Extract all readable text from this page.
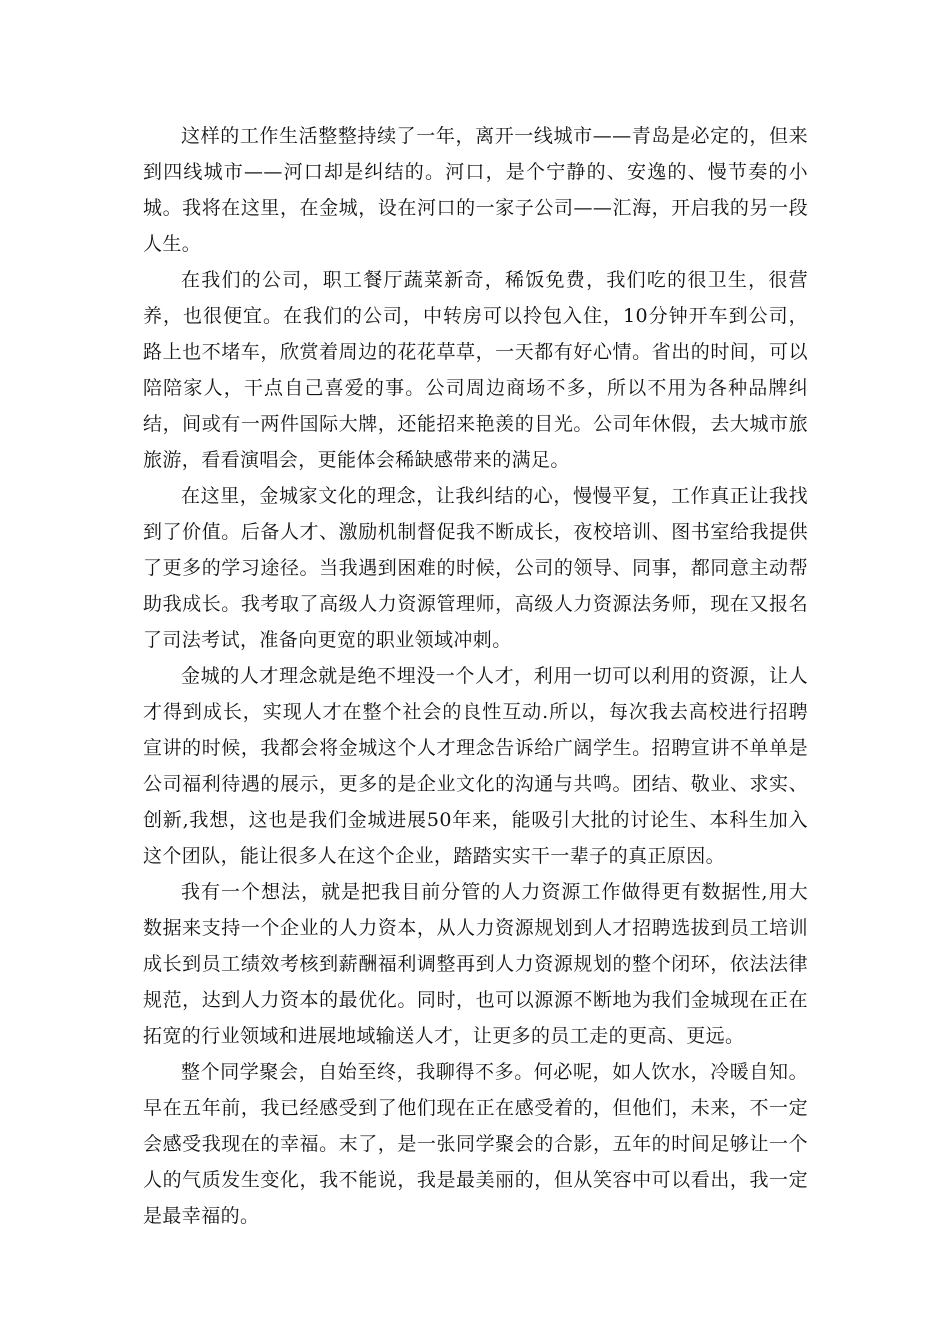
这样的工作生活整整持续了一年，离开一线城市——青岛是必定的，但来到四线城市——河口却是纠结的。河口，是个宁静的、安逸的、慢节奏的小城。我将在这里，在金城，设在河口的一家子公司——汇海，开启我的另一段人生。

在我们的公司，职工餐厅蔬菜新奇，稀饭免费，我们吃的很卫生，很营养，也很便宜。在我们的公司，中转房可以拎包入住，10分钟开车到公司，路上也不堵车，欣赏着周边的花花草草，一天都有好心情。省出的时间，可以陪陪家人，干点自己喜爱的事。公司周边商场不多，所以不用为各种品牌纠结，间或有一两件国际大牌，还能招来艳羡的目光。公司年休假，去大城市旅旅游，看看演唱会，更能体会稀缺感带来的满足。

在这里，金城家文化的理念，让我纠结的心，慢慢平复，工作真正让我找到了价值。后备人才、激励机制督促我不断成长，夜校培训、图书室给我提供了更多的学习途径。当我遇到困难的时候，公司的领导、同事，都同意主动帮助我成长。我考取了高级人力资源管理师，高级人力资源法务师，现在又报名了司法考试，准备向更宽的职业领域冲刺。

金城的人才理念就是绝不埋没一个人才，利用一切可以利用的资源，让人才得到成长，实现人才在整个社会的良性互动.所以，每次我去高校进行招聘宣讲的时候，我都会将金城这个人才理念告诉给广阔学生。招聘宣讲不单单是公司福利待遇的展示，更多的是企业文化的沟通与共鸣。团结、敬业、求实、创新,我想，这也是我们金城进展50年来，能吸引大批的讨论生、本科生加入这个团队，能让很多人在这个企业，踏踏实实干一辈子的真正原因。

我有一个想法，就是把我目前分管的人力资源工作做得更有数据性,用大数据来支持一个企业的人力资本，从人力资源规划到人才招聘选拔到员工培训成长到员工绩效考核到薪酬福利调整再到人力资源规划的整个闭环，依法法律规范，达到人力资本的最优化。同时，也可以源源不断地为我们金城现在正在拓宽的行业领域和进展地域输送人才，让更多的员工走的更高、更远。

整个同学聚会，自始至终，我聊得不多。何必呢，如人饮水，冷暖自知。早在五年前，我已经感受到了他们现在正在感受着的，但他们，未来，不一定会感受我现在的幸福。末了，是一张同学聚会的合影，五年的时间足够让一个人的气质发生变化，我不能说，我是最美丽的，但从笑容中可以看出，我一定是最幸福的。
